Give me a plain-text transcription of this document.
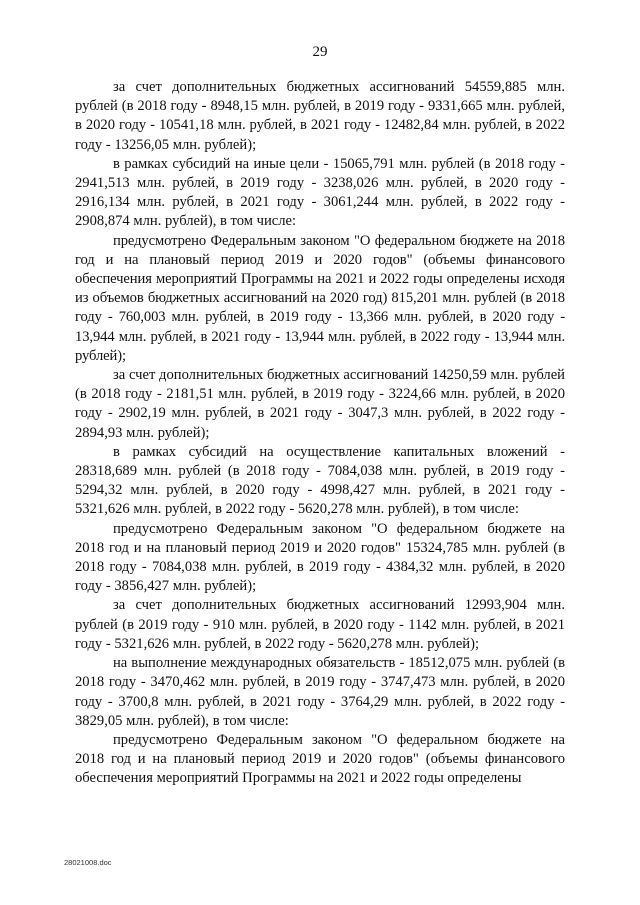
29

за счет дополнительных бюджетных ассигнований 54559,885 млн. рублей (в 2018 году - 8948,15 млн. рублей, в 2019 году - 9331,665 млн. рублей, в 2020 году - 10541,18 млн. рублей, в 2021 году - 12482,84 млн. рублей, в 2022 году - 13256,05 млн. рублей);

в рамках субсидий на иные цели - 15065,791 млн. рублей (в 2018 году - 2941,513 млн. рублей, в 2019 году - 3238,026 млн. рублей, в 2020 году - 2916,134 млн. рублей, в 2021 году - 3061,244 млн. рублей, в 2022 году - 2908,874 млн. рублей), в том числе:

предусмотрено Федеральным законом "О федеральном бюджете на 2018 год и на плановый период 2019 и 2020 годов" (объемы финансового обеспечения мероприятий Программы на 2021 и 2022 годы определены исходя из объемов бюджетных ассигнований на 2020 год) 815,201 млн. рублей (в 2018 году - 760,003 млн. рублей, в 2019 году - 13,366 млн. рублей, в 2020 году - 13,944 млн. рублей, в 2021 году - 13,944 млн. рублей, в 2022 году - 13,944 млн. рублей);

за счет дополнительных бюджетных ассигнований 14250,59 млн. рублей (в 2018 году - 2181,51 млн. рублей, в 2019 году - 3224,66 млн. рублей, в 2020 году - 2902,19 млн. рублей, в 2021 году - 3047,3 млн. рублей, в 2022 году - 2894,93 млн. рублей);

в рамках субсидий на осуществление капитальных вложений - 28318,689 млн. рублей (в 2018 году - 7084,038 млн. рублей, в 2019 году - 5294,32 млн. рублей, в 2020 году - 4998,427 млн. рублей, в 2021 году - 5321,626 млн. рублей, в 2022 году - 5620,278 млн. рублей), в том числе:

предусмотрено Федеральным законом "О федеральном бюджете на 2018 год и на плановый период 2019 и 2020 годов" 15324,785 млн. рублей (в 2018 году - 7084,038 млн. рублей, в 2019 году - 4384,32 млн. рублей, в 2020 году - 3856,427 млн. рублей);

за счет дополнительных бюджетных ассигнований 12993,904 млн. рублей (в 2019 году - 910 млн. рублей, в 2020 году - 1142 млн. рублей, в 2021 году - 5321,626 млн. рублей, в 2022 году - 5620,278 млн. рублей);

на выполнение международных обязательств - 18512,075 млн. рублей (в 2018 году - 3470,462 млн. рублей, в 2019 году - 3747,473 млн. рублей, в 2020 году - 3700,8 млн. рублей, в 2021 году - 3764,29 млн. рублей, в 2022 году - 3829,05 млн. рублей), в том числе:

предусмотрено Федеральным законом "О федеральном бюджете на 2018 год и на плановый период 2019 и 2020 годов" (объемы финансового обеспечения мероприятий Программы на 2021 и 2022 годы определены

28021008.doc
